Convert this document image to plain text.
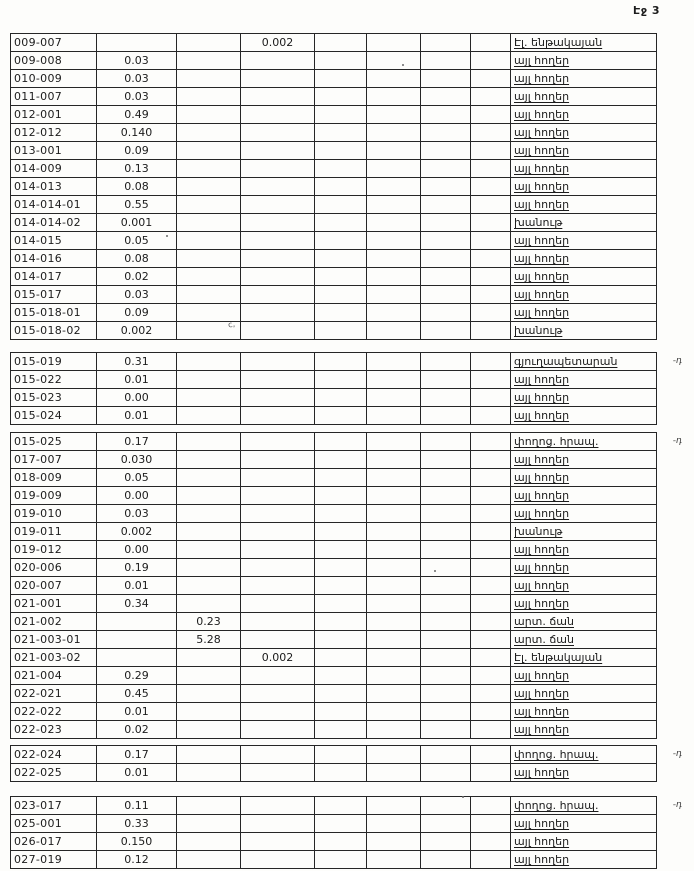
Էջ 3
009-007			0.002					Էլ. ենթակայան
009-008	0.03							այլ հողեր
010-009	0.03							այլ հողեր
011-007	0.03							այլ հողեր
012-001	0.49							այլ հողեր
012-012	0.140							այլ հողեր
013-001	0.09							այլ հողեր
014-009	0.13							այլ հողեր
014-013	0.08							այլ հողեր
014-014-01	0.55							այլ հողեր
014-014-02	0.001							խանութ
014-015	0.05							այլ հողեր
014-016	0.08							այլ հողեր
014-017	0.02							այլ հողեր
015-017	0.03							այլ հողեր
015-018-01	0.09							այլ հողեր
015-018-02	0.002							խանութ
015-019	0.31							գյուղապետարան -դ

015-022	0.01							այլ հողեր
015-023	0.00							այլ հողեր
015-024	0.01							այլ հողեր
015-025	0.17							փողոց. հրապ. -դ

017-007	0.030							այլ հողեր
018-009	0.05							այլ հողեր
019-009	0.00							այլ հողեր
019-010	0.03							այլ հողեր
019-011	0.002							խանութ
019-012	0.00							այլ հողեր
020-006	0.19							այլ հողեր
020-007	0.01							այլ հողեր
021-001	0.34							այլ հողեր
021-002		0.23						արտ. ճան
021-003-01		5.28						արտ. ճան
021-003-02			0.002					Էլ. ենթակայան
021-004	0.29							այլ հողեր
022-021	0.45							այլ հողեր
022-022	0.01							այլ հողեր
022-023	0.02							այլ հողեր
022-024	0.17							փողոց. հրապ. -դ

022-025	0.01							այլ հողեր
023-017	0.11							փողոց. հրապ. -դ

025-001	0.33							այլ հողեր
026-017	0.150							այլ հողեր
027-019	0.12							այլ հողեր
c,
